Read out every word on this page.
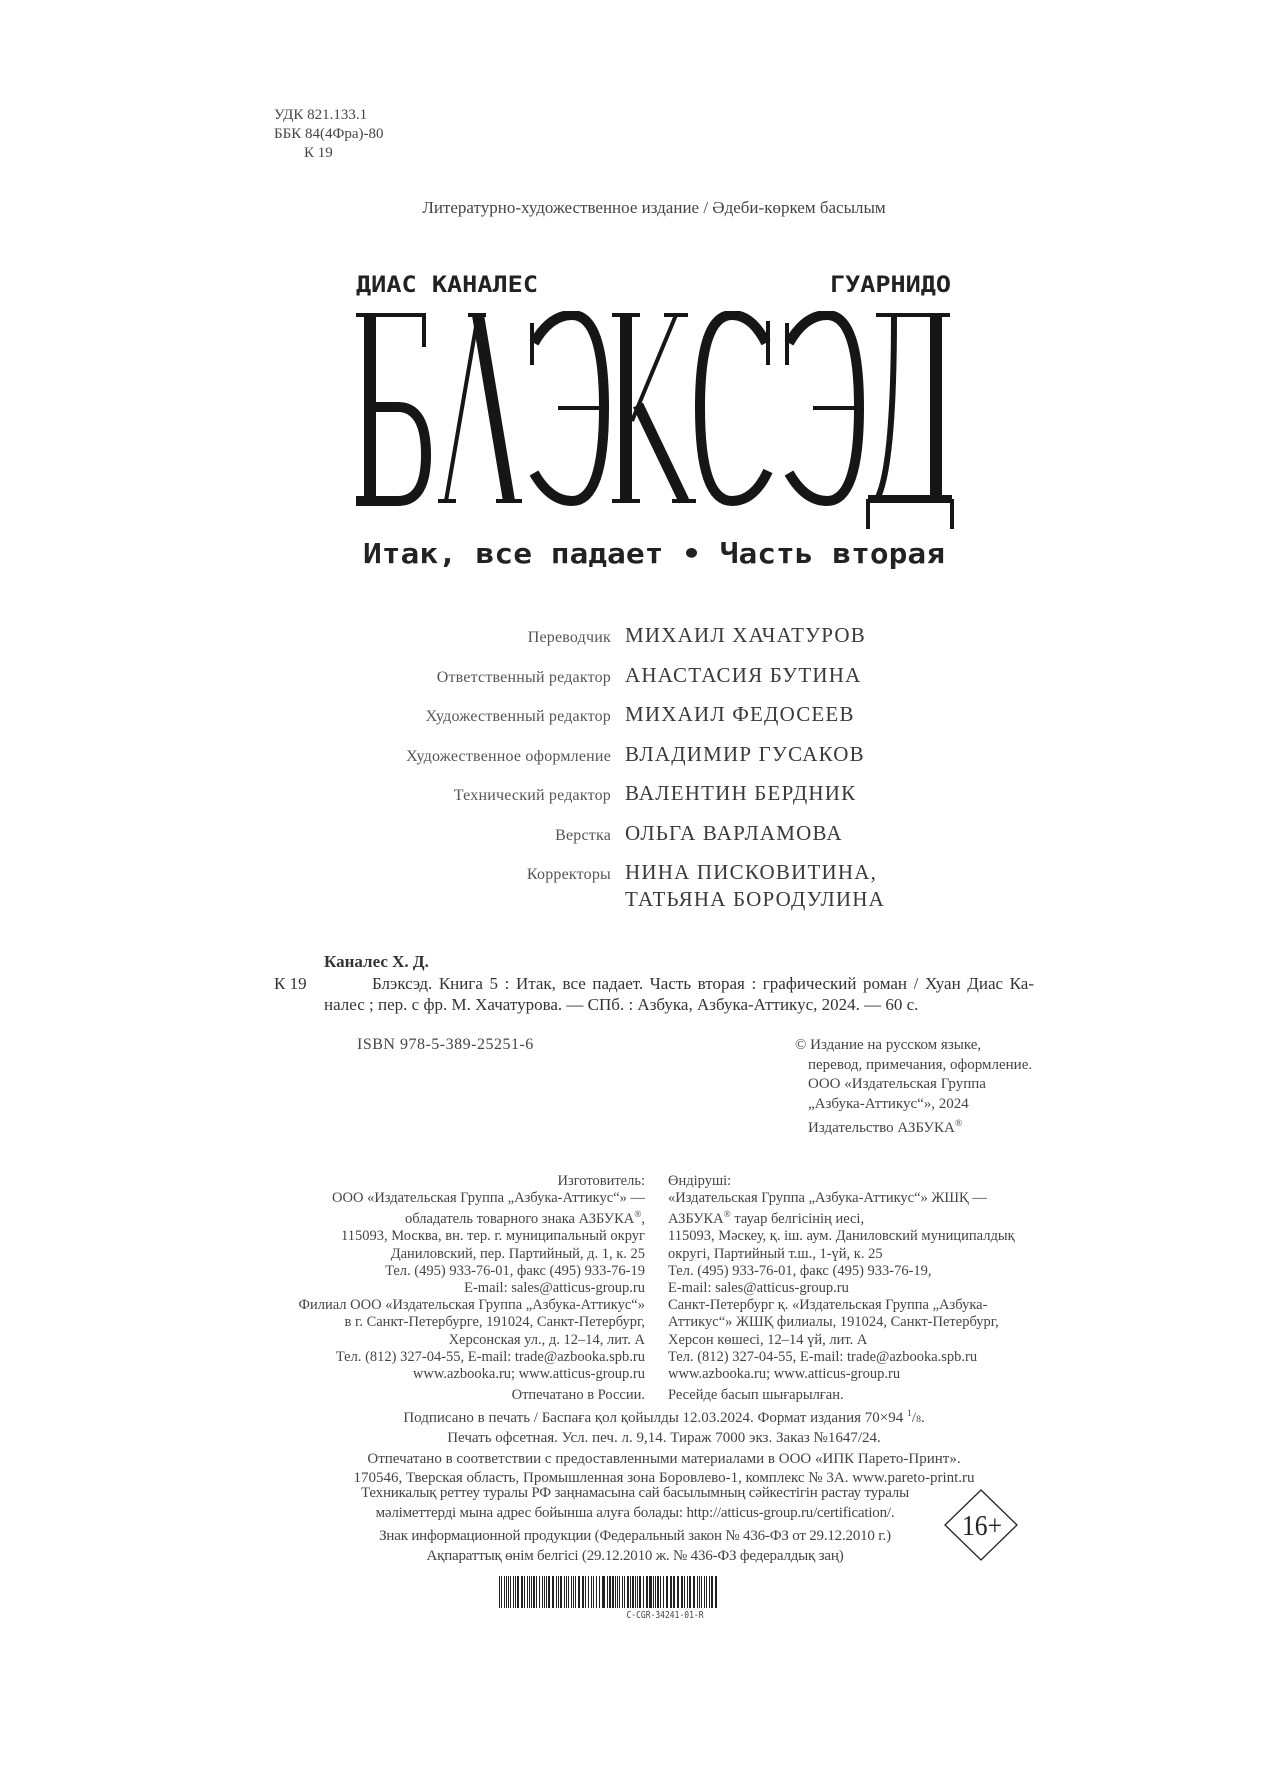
УДК 821.133.1
ББК 84(4Фра)-80
К 19
Литературно-художественное издание / Әдеби-көркем басылым
ДИАС КАНАЛЕС	ГУАРНИДО
Итак, все падает • Часть вторая
Переводчик МИХАИЛ ХАЧАТУРОВ
Ответственный редактор АНАСТАСИЯ БУТИНА
Художественный редактор МИХАИЛ ФЕДОСЕЕВ
Художественное оформление ВЛАДИМИР ГУСАКОВ
Технический редактор ВАЛЕНТИН БЕРДНИК
Верстка ОЛЬГА ВАРЛАМОВА
Корректоры НИНА ПИСКОВИТИНА,
ТАТЬЯНА БОРОДУЛИНА
Каналес Х. Д.
К 19	Блэксэд. Книга 5 : Итак, все падает. Часть вторая : графический роман / Хуан Диас Ка-
налес ; пер. с фр. М. Хачатурова. — СПб. : Азбука, Азбука-Аттикус, 2024. — 60 с.
ISBN 978-5-389-25251-6	© Издание на русском языке,
перевод, примечания, оформление.
ООО «Издательская Группа
„Азбука-Аттикус“», 2024
Издательство АЗБУКА®
Изготовитель:
ООО «Издательская Группа „Азбука-Аттикус“» —
обладатель товарного знака АЗБУКА®,
115093, Москва, вн. тер. г. муниципальный округ
Даниловский, пер. Партийный, д. 1, к. 25
Тел. (495) 933-76-01, факс (495) 933-76-19
E-mail: sales@atticus-group.ru
Филиал ООО «Издательская Группа „Азбука-Аттикус“»
в г. Санкт-Петербурге, 191024, Санкт-Петербург,
Херсонская ул., д. 12–14, лит. А
Тел. (812) 327-04-55, E-mail: trade@azbooka.spb.ru
www.azbooka.ru; www.atticus-group.ru
Отпечатано в России.
Өндіруші:
«Издательская Группа „Азбука-Аттикус“» ЖШҚ —
АЗБУКА® тауар белгісінің иесі,
115093, Мәскеу, қ. іш. аум. Даниловский муниципалдық
округі, Партийный т.ш., 1-үй, к. 25
Тел. (495) 933-76-01, факс (495) 933-76-19,
E-mail: sales@atticus-group.ru
Санкт-Петербург қ. «Издательская Группа „Азбука-
Аттикус“» ЖШҚ филиалы, 191024, Санкт-Петербург,
Херсон көшесі, 12–14 үй, лит. А
Тел. (812) 327-04-55, E-mail: trade@azbooka.spb.ru
www.azbooka.ru; www.atticus-group.ru
Ресейде басып шығарылған.
Подписано в печать / Баспаға қол қойылды 12.03.2024. Формат издания 70×94 $^1$/8.
Печать офсетная. Усл. печ. л. 9,14. Тираж 7000 экз. Заказ №1647/24.
Отпечатано в соответствии с предоставленными материалами в ООО «ИПК Парето-Принт».
170546, Тверская область, Промышленная зона Боровлево-1, комплекс № 3А. www.pareto-print.ru
Техникалық реттеу туралы РФ заңнамасына сай басылымның сәйкестігін растау туралы
мәліметтерді мына адрес бойынша алуға болады: http://atticus-group.ru/certification/.
Знак информационной продукции (Федеральный закон № 436-ФЗ от 29.12.2010 г.)
Ақпараттық өнім белгісі (29.12.2010 ж. № 436-ФЗ федералдық заң)
16+
C-CGR-34241-01-R
